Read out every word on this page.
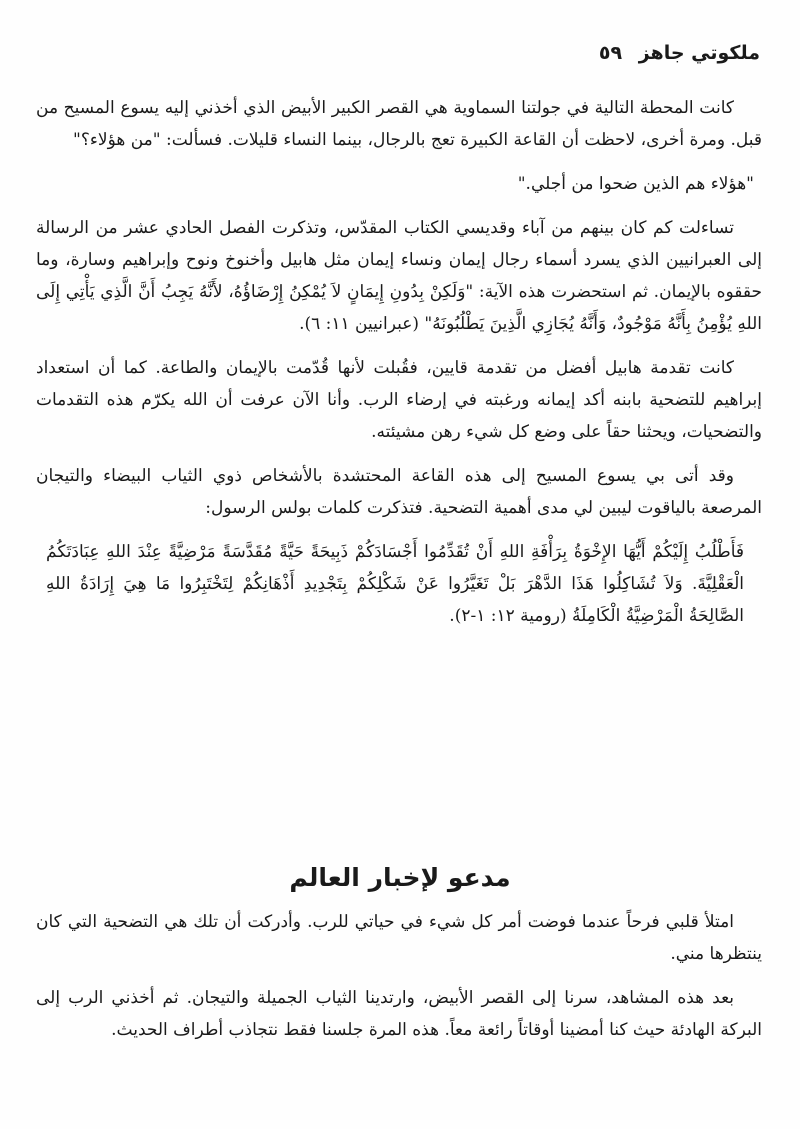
ملكوتي جاهز ٥٩

كانت المحطة التالية في جولتنا السماوية هي القصر الكبير الأبيض الذي أخذني إليه يسوع المسيح من قبل. ومرة أخرى، لاحظت أن القاعة الكبيرة تعج بالرجال، بينما النساء قليلات. فسألت: "من هؤلاء؟"

"هؤلاء هم الذين ضحوا من أجلي."

تساءلت كم كان بينهم من آباء وقديسي الكتاب المقدّس، وتذكرت الفصل الحادي عشر من الرسالة إلى العبرانيين الذي يسرد أسماء رجال إيمان ونساء إيمان مثل هابيل وأخنوخ ونوح وإبراهيم وسارة، وما حققوه بالإيمان. ثم استحضرت هذه الآية: "وَلَكِنْ بِدُونِ إِيمَانٍ لاَ يُمْكِنُ إِرْضَاؤُهُ، لأَنَّهُ يَجِبُ أَنَّ الَّذِي يَأْتِي إِلَى اللهِ يُؤْمِنُ بِأَنَّهُ مَوْجُودٌ، وَأَنَّهُ يُجَازِي الَّذِينَ يَطْلُبُونَهُ" (عبرانيين ١١: ٦).

كانت تقدمة هابيل أفضل من تقدمة قايين، فقُبلت لأنها قُدّمت بالإيمان والطاعة. كما أن استعداد إبراهيم للتضحية بابنه أكد إيمانه ورغبته في إرضاء الرب. وأنا الآن عرفت أن الله يكرّم هذه التقدمات والتضحيات، ويحثنا حقاً على وضع كل شيء رهن مشيئته.

وقد أتى بي يسوع المسيح إلى هذه القاعة المحتشدة بالأشخاص ذوي الثياب البيضاء والتيجان المرصعة بالياقوت ليبين لي مدى أهمية التضحية. فتذكرت كلمات بولس الرسول:

فَأَطْلُبُ إِلَيْكُمْ أَيُّهَا الإِخْوَةُ بِرَأْفَةِ اللهِ أَنْ تُقَدِّمُوا أَجْسَادَكُمْ ذَبِيحَةً حَيَّةً مُقَدَّسَةً مَرْضِيَّةً عِنْدَ اللهِ عِبَادَتَكُمُ الْعَقْلِيَّةَ. وَلاَ تُشَاكِلُوا هَذَا الدَّهْرَ بَلْ تَغَيَّرُوا عَنْ شَكْلِكُمْ بِتَجْدِيدِ أَذْهَانِكُمْ لِتَخْتَبِرُوا مَا هِيَ إِرَادَةُ اللهِ الصَّالِحَةُ الْمَرْضِيَّةُ الْكَامِلَةُ (رومية ١٢: ١-٢).

مدعو لإخبار العالم

امتلأ قلبي فرحاً عندما فوضت أمر كل شيء في حياتي للرب. وأدركت أن تلك هي التضحية التي كان ينتظرها مني.

بعد هذه المشاهد، سرنا إلى القصر الأبيض، وارتدينا الثياب الجميلة والتيجان. ثم أخذني الرب إلى البركة الهادئة حيث كنا أمضينا أوقاتاً رائعة معاً. هذه المرة جلسنا فقط نتجاذب أطراف الحديث.
